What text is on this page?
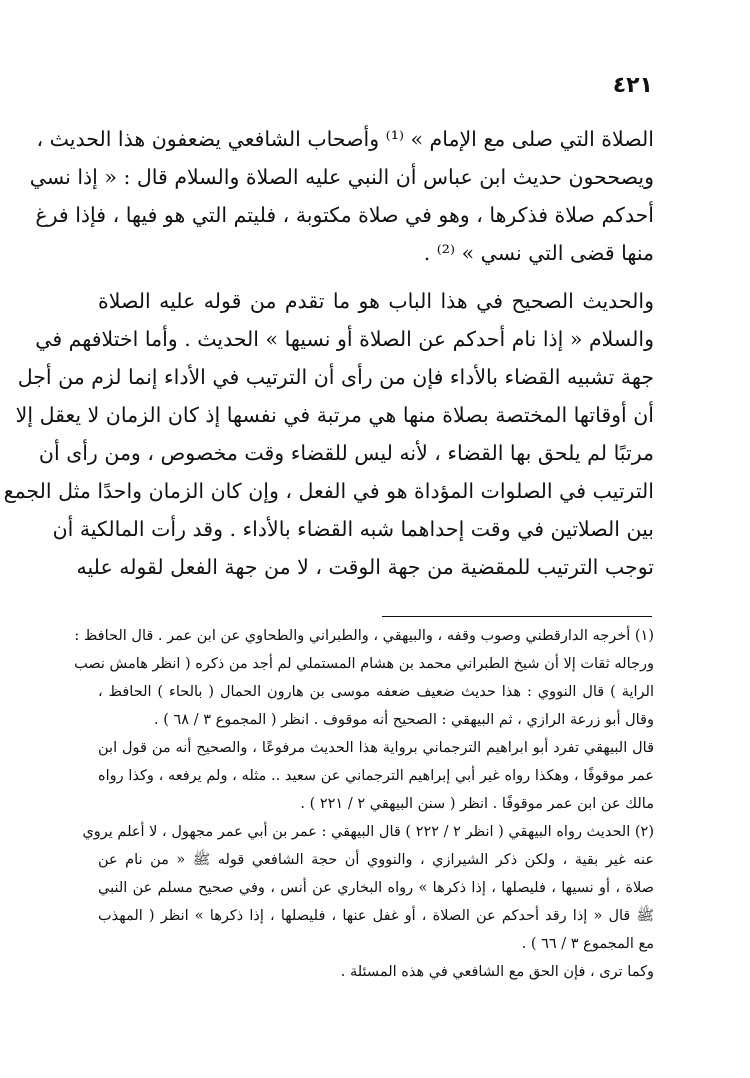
٤٢١
الصلاة التي صلى مع الإمام » ⁽¹⁾ وأصحاب الشافعي يضعفون هذا الحديث ،
ويصححون حديث ابن عباس أن النبي عليه الصلاة والسلام قال : « إذا نسي
أحدكم صلاة فذكرها ، وهو في صلاة مكتوبة ، فليتم التي هو فيها ، فإذا فرغ
منها قضى التي نسي » ⁽²⁾ .
والحديث الصحيح في هذا الباب هو ما تقدم من قوله عليه الصلاة
والسلام « إذا نام أحدكم عن الصلاة أو نسيها » الحديث . وأما اختلافهم في
جهة تشبيه القضاء بالأداء فإن من رأى أن الترتيب في الأداء إنما لزم من أجل
أن أوقاتها المختصة بصلاة منها هي مرتبة في نفسها إذ كان الزمان لا يعقل إلا
مرتبًا لم يلحق بها القضاء ، لأنه ليس للقضاء وقت مخصوص ، ومن رأى أن
الترتيب في الصلوات المؤداة هو في الفعل ، وإن كان الزمان واحدًا مثل الجمع
بين الصلاتين في وقت إحداهما شبه القضاء بالأداء . وقد رأت المالكية أن
توجب الترتيب للمقضية من جهة الوقت ، لا من جهة الفعل لقوله عليه
(١) أخرجه الدارقطني وصوب وقفه ، والبيهقي ، والطبراني والطحاوي عن ابن عمر . قال الحافظ :
ورجاله ثقات إلا أن شيخ الطبراني محمد بن هشام المستملي لم أجد من ذكره ( انظر هامش نصب
الراية ) قال النووي : هذا حديث ضعيف ضعفه موسى بن هارون الحمال ( بالحاء ) الحافظ ،
وقال أبو زرعة الرازي ، ثم البيهقي : الصحيح أنه موقوف . انظر ( المجموع ٣ / ٦٨ ) .
قال البيهقي تفرد أبو ابراهيم الترجماني برواية هذا الحديث مرفوعًا ، والصحيح أنه من قول ابن
عمر موقوفًا ، وهكذا رواه غير أبي إبراهيم الترجماني عن سعيد .. مثله ، ولم يرفعه ، وكذا رواه
مالك عن ابن عمر موقوفًا . انظر ( سنن البيهقي ٢ / ٢٢١ ) .
(٢) الحديث رواه البيهقي ( انظر ٢ / ٢٢٢ ) قال البيهقي : عمر بن أبي عمر مجهول ، لا أعلم يروي
عنه غير بقية ، ولكن ذكر الشيرازي ، والنووي أن حجة الشافعي قوله ﷺ « من نام عن
صلاة ، أو نسيها ، فليصلها ، إذا ذكرها » رواه البخاري عن أنس ، وفي صحيح مسلم عن النبي
ﷺ قال « إذا رقد أحدكم عن الصلاة ، أو غفل عنها ، فليصلها ، إذا ذكرها » انظر ( المهذب
مع المجموع ٣ / ٦٦ ) .
وكما ترى ، فإن الحق مع الشافعي في هذه المسئلة .
